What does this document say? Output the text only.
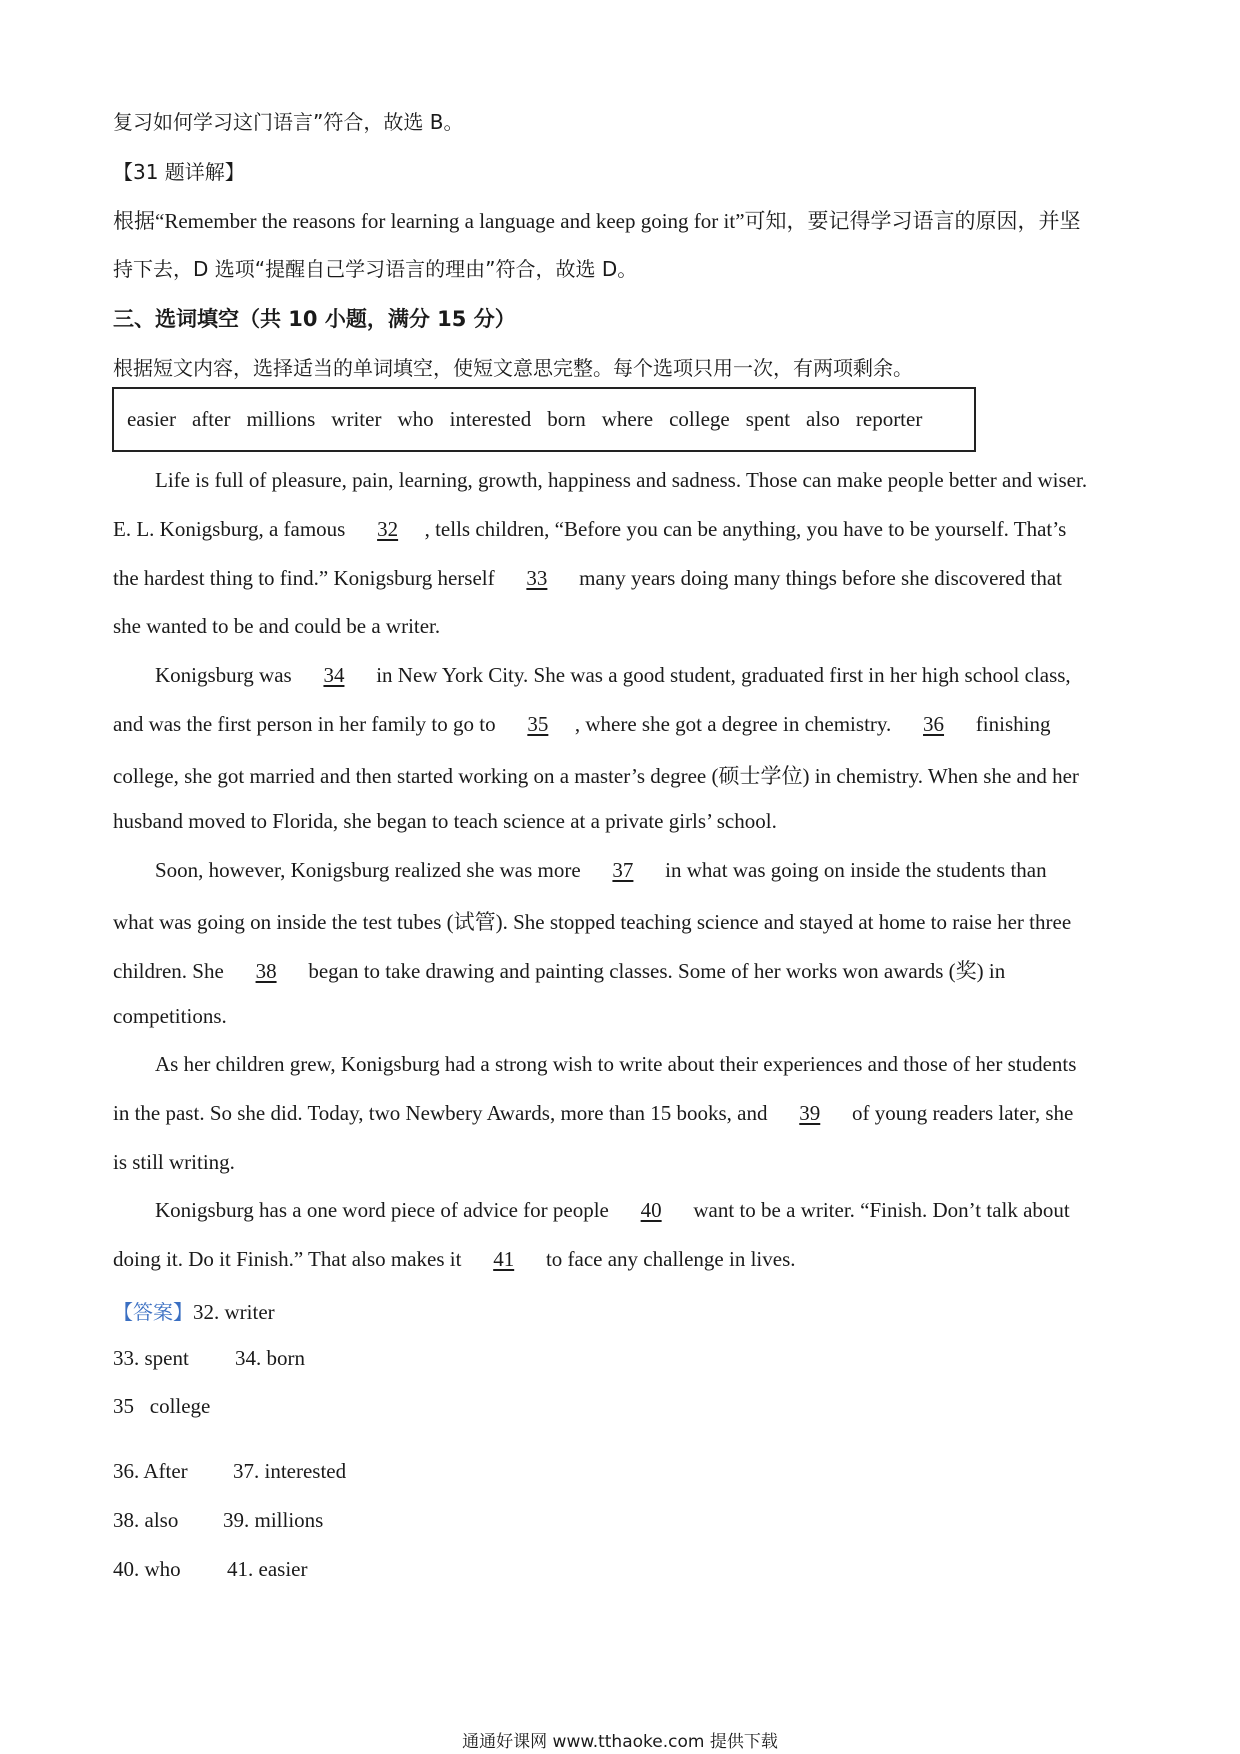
复习如何学习这门语言”符合，故选 B。
【31 题详解】
根据“Remember the reasons for learning a language and keep going for it”可知，要记得学习语言的原因，并坚
持下去，D 选项“提醒自己学习语言的理由”符合，故选 D。
三、选词填空（共 10 小题，满分 15 分）
根据短文内容，选择适当的单词填空，使短文意思完整。每个选项只用一次，有两项剩余。
easier after millions writer who interested born where college spent also reporter
Life is full of pleasure, pain, learning, growth, happiness and sadness. Those can make people better and wiser.
E. L. Konigsburg, a famous 32 , tells children, “Before you can be anything, you have to be yourself. That’s
the hardest thing to find.” Konigsburg herself 33 many years doing many things before she discovered that
she wanted to be and could be a writer.
Konigsburg was 34 in New York City. She was a good student, graduated first in her high school class,
and was the first person in her family to go to 35 , where she got a degree in chemistry. 36 finishing
college, she got married and then started working on a master’s degree (硕士学位) in chemistry. When she and her
husband moved to Florida, she began to teach science at a private girls’ school.
Soon, however, Konigsburg realized she was more 37 in what was going on inside the students than
what was going on inside the test tubes (试管). She stopped teaching science and stayed at home to raise her three
children. She 38 began to take drawing and painting classes. Some of her works won awards (奖) in
competitions.
As her children grew, Konigsburg had a strong wish to write about their experiences and those of her students
in the past. So she did. Today, two Newbery Awards, more than 15 books, and 39 of young readers later, she
is still writing.
Konigsburg has a one word piece of advice for people 40 want to be a writer. “Finish. Don’t talk about
doing it. Do it Finish.” That also makes it 41 to face any challenge in lives.
【答案】32. writer
33. spent 34. born
35   college
36. After 37. interested
38. also 39. millions
40. who 41. easier
通通好课网 www.tthaoke.com 提供下载
